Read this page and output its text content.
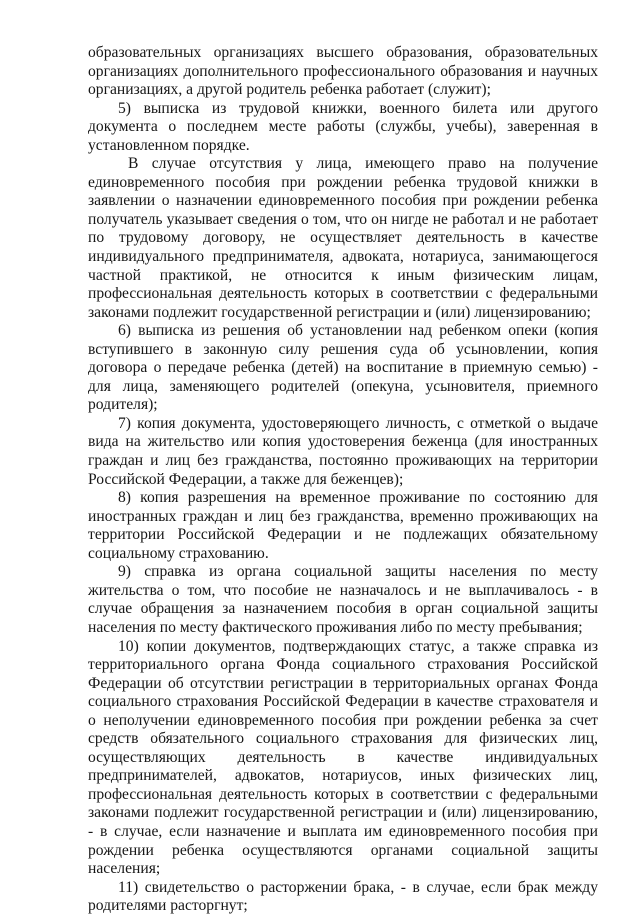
образовательных организациях высшего образования, образовательных организациях дополнительного профессионального образования и научных организациях, а другой родитель ребенка работает (служит);

5) выписка из трудовой книжки, военного билета или другого документа о последнем месте работы (службы, учебы), заверенная в установленном порядке.

В случае отсутствия у лица, имеющего право на получение единовременного пособия при рождении ребенка трудовой книжки в заявлении о назначении единовременного пособия при рождении ребенка получатель указывает сведения о том, что он нигде не работал и не работает по трудовому договору, не осуществляет деятельность в качестве индивидуального предпринимателя, адвоката, нотариуса, занимающегося частной практикой, не относится к иным физическим лицам, профессиональная деятельность которых в соответствии с федеральными законами подлежит государственной регистрации и (или) лицензированию;

6) выписка из решения об установлении над ребенком опеки (копия вступившего в законную силу решения суда об усыновлении, копия договора о передаче ребенка (детей) на воспитание в приемную семью) - для лица, заменяющего родителей (опекуна, усыновителя, приемного родителя);

7) копия документа, удостоверяющего личность, с отметкой о выдаче вида на жительство или копия удостоверения беженца (для иностранных граждан и лиц без гражданства, постоянно проживающих на территории Российской Федерации, а также для беженцев);

8) копия разрешения на временное проживание по состоянию для иностранных граждан и лиц без гражданства, временно проживающих на территории Российской Федерации и не подлежащих обязательному социальному страхованию.

9) справка из органа социальной защиты населения по месту жительства о том, что пособие не назначалось и не выплачивалось - в случае обращения за назначением пособия в орган социальной защиты населения по месту фактического проживания либо по месту пребывания;

10) копии документов, подтверждающих статус, а также справка из территориального органа Фонда социального страхования Российской Федерации об отсутствии регистрации в территориальных органах Фонда социального страхования Российской Федерации в качестве страхователя и о неполучении единовременного пособия при рождении ребенка за счет средств обязательного социального страхования для физических лиц, осуществляющих деятельность в качестве индивидуальных предпринимателей, адвокатов, нотариусов, иных физических лиц, профессиональная деятельность которых в соответствии с федеральными законами подлежит государственной регистрации и (или) лицензированию, - в случае, если назначение и выплата им единовременного пособия при рождении ребенка осуществляются органами социальной защиты населения;

11) свидетельство о расторжении брака, - в случае, если брак между родителями расторгнут;
